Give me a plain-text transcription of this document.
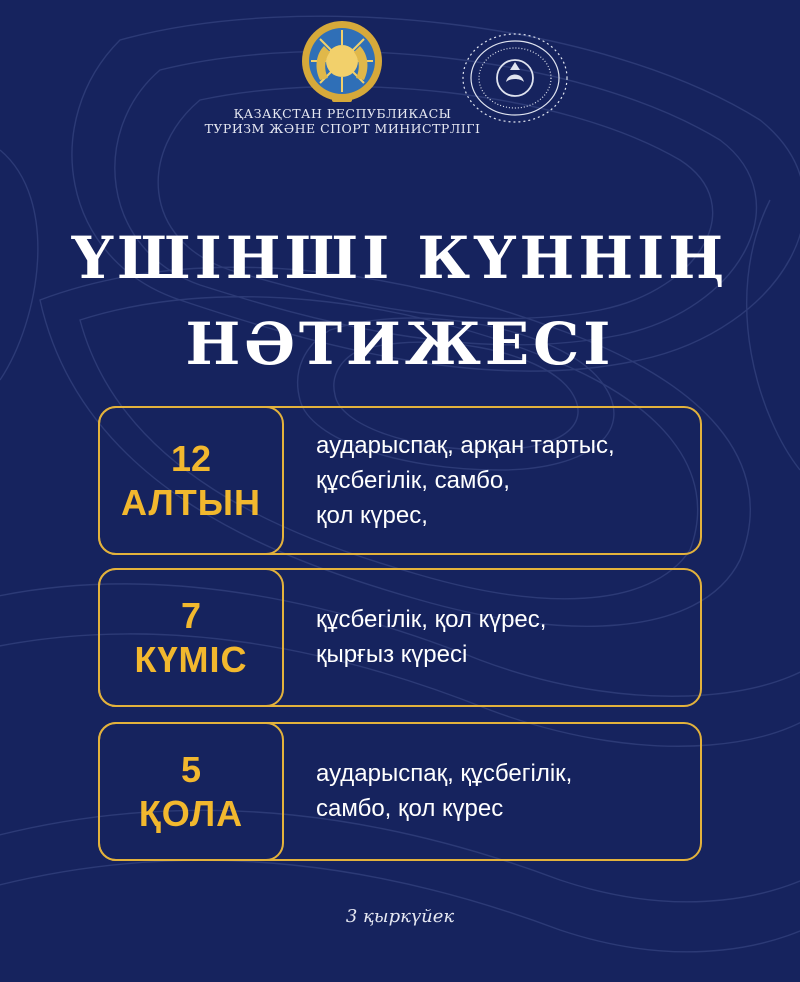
ҚАЗАҚСТАН РЕСПУБЛИКАСЫ
ТУРИЗМ ЖӘНЕ СПОРТ МИНИСТРЛІГІ
ҮШІНШІ КҮННІҢ
НӘТИЖЕСІ
12
АЛТЫН
аударыспақ, арқан тартыс,
құсбегілік, самбо,
қол күрес,
7
КҮМІС
құсбегілік, қол күрес,
қырғыз күресі
5
ҚОЛА
аударыспақ, құсбегілік,
самбо, қол күрес
3 қыркүйек
